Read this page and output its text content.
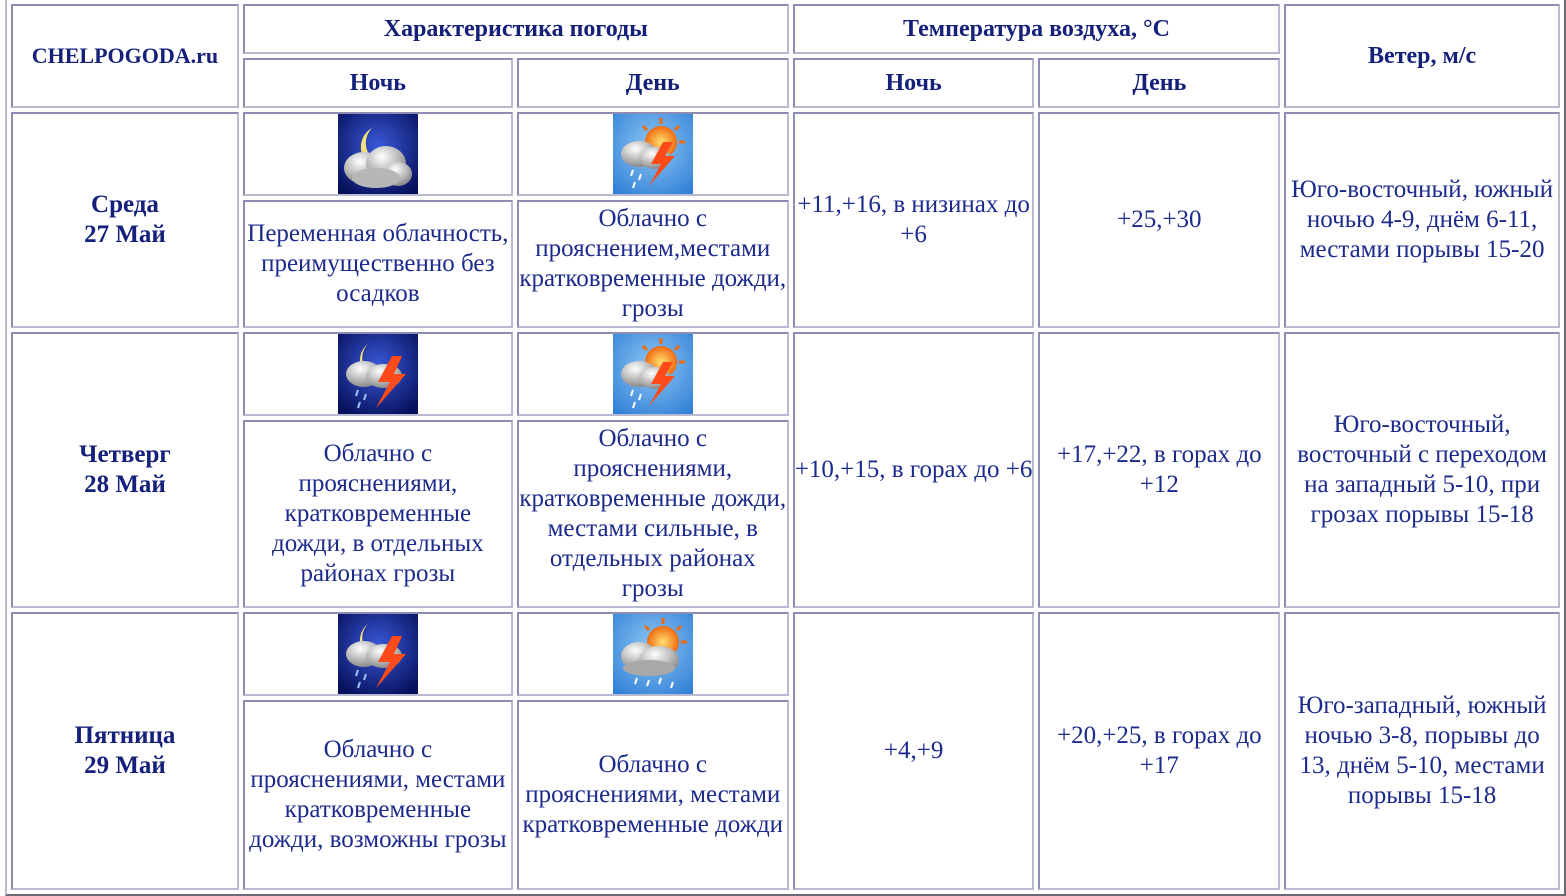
CHELPOGODA.ru	Характеристика погоды		Температура воздуха, °С		Ветер, м/с
	Ночь	День	Ночь	День	

Среда
27 Май			+11,+16, в низинах до +6	+25,+30	Юго-восточный, южный ночью 4-9, днём 6-11, местами порывы 15-20
	Переменная облачность, преимущественно без осадков	Облачно с прояснением,местами кратковременные дожди, грозы			

Четверг
28 Май			+10,+15, в горах до +6	+17,+22, в горах до +12	Юго-восточный, восточный с переходом на западный 5-10, при грозах порывы 15-18
	Облачно с прояснениями, кратковременные дожди, в отдельных районах грозы	Облачно с прояснениями, кратковременные дожди, местами сильные, в отдельных районах грозы			

Пятница
29 Май			+4,+9	+20,+25, в горах до +17	Юго-западный, южный ночью 3-8, порывы до 13, днём 5-10, местами порывы 15-18
	Облачно с прояснениями, местами кратковременные дожди, возможны грозы	Облачно с прояснениями, местами кратковременные дожди			
